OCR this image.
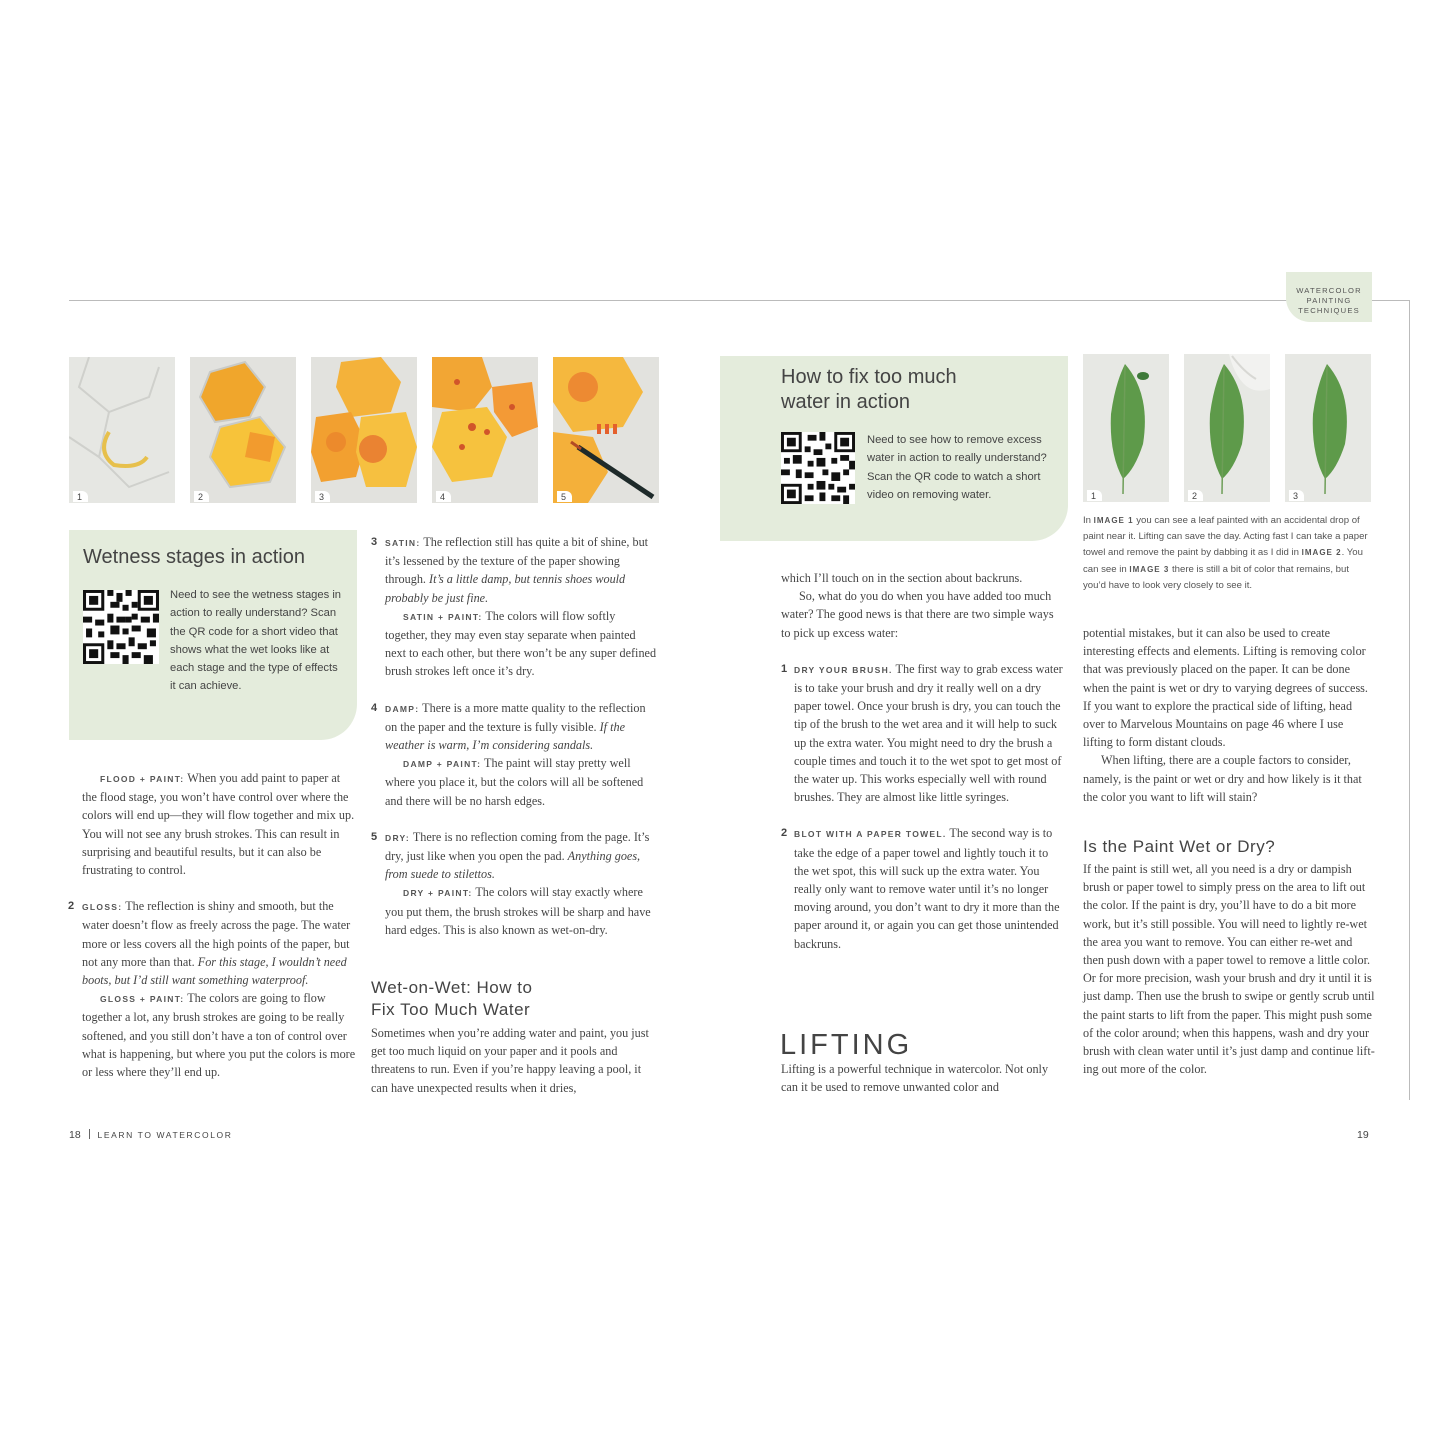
WATERCOLOR
PAINTING
TECHNIQUES
1	2	3	4	5
Wetness stages in action
Need to see the wetness stages in action to really understand? Scan the QR code for a short video that shows what the wet looks like at each stage and the type of effects it can achieve.

FLOOD + PAINT: When you add paint to paper at the flood stage, you won’t have control over where the colors will end up—they will flow together and mix up. You will not see any brush strokes. This can result in surprising and beautiful results, but it can also be frustrating to control.

2 GLOSS: The reflection is shiny and smooth, but the water doesn’t flow as freely across the page. The water more or less covers all the high points of the paper, but not any more than that. For this stage, I wouldn’t need boots, but I’d still want something waterproof.

GLOSS + PAINT: The colors are going to flow together a lot, any brush strokes are going to be really softened, and you still don’t have a ton of control over what is happening, but where you put the colors is more or less where they’ll end up.

3 SATIN: The reflection still has quite a bit of shine, but it’s lessened by the texture of the paper showing through. It’s a little damp, but tennis shoes would probably be just fine.

SATIN + PAINT: The colors will flow softly together, they may even stay separate when painted next to each other, but there won’t be any super defined brush strokes left once it’s dry.

4 DAMP: There is a more matte quality to the reflection on the paper and the texture is fully visible. If the weather is warm, I’m considering sandals.

DAMP + PAINT: The paint will stay pretty well where you place it, but the colors will all be softened and there will be no harsh edges.

5 DRY: There is no reflection coming from the page. It’s dry, just like when you open the pad. Anything goes, from suede to stilettos.

DRY + PAINT: The colors will stay exactly where you put them, the brush strokes will be sharp and have hard edges. This is also known as wet-on-dry.

Wet-on-Wet: How to
Fix Too Much Water
Sometimes when you’re adding water and paint, you just get too much liquid on your paper and it pools and threatens to run. Even if you’re happy leaving a pool, it can have unexpected results when it dries,
How to fix too much
water in action
Need to see how to remove excess water in action to really understand? Scan the QR code to watch a short video on removing water.	1	2	3

which I’ll touch on in the section about backruns.

So, what do you do when you have added too much water? The good news is that there are two simple ways to pick up excess water:

1 DRY YOUR BRUSH. The first way to grab excess water is to take your brush and dry it really well on a dry paper towel. Once your brush is dry, you can touch the tip of the brush to the wet area and it will help to suck up the extra water. You might need to dry the brush a couple times and touch it to the wet spot to get most of the water up. This works especially well with round brushes. They are almost like little syringes.

2 BLOT WITH A PAPER TOWEL. The second way is to take the edge of a paper towel and lightly touch it to the wet spot, this will suck up the extra water. You really only want to remove water until it’s no longer moving around, you don’t want to dry it more than the paper around it, or again you can get those unintended backruns.

LIFTING
Lifting is a powerful technique in watercolor. Not only can it be used to remove unwanted color and
In IMAGE 1 you can see a leaf painted with an accidental drop of paint near it. Lifting can save the day. Acting fast I can take a paper towel and remove the paint by dabbing it as I did in IMAGE 2. You can see in IMAGE 3 there is still a bit of color that remains, but you’d have to look very closely to see it.

potential mistakes, but it can also be used to create interesting effects and elements. Lifting is removing color that was previously placed on the paper. It can be done when the paint is wet or dry to varying degrees of success. If you want to explore the practical side of lifting, head over to Marvelous Mountains on page 46 where I use lifting to form distant clouds.

When lifting, there are a couple factors to consider, namely, is the paint or wet or dry and how likely is it that the color you want to lift will stain?

Is the Paint Wet or Dry?
If the paint is still wet, all you need is a dry or dampish brush or paper towel to simply press on the area to lift out the color. If the paint is dry, you’ll have to do a bit more work, but it’s still possible. You will need to lightly re-wet the area you want to remove. You can either re-wet and then push down with a paper towel to remove a little color. Or for more precision, wash your brush and dry it until it is just damp. Then use the brush to swipe or gently scrub until the paint starts to lift from the paper. This might push some of the color around; when this happens, wash and dry your brush with clean water until it’s just damp and continue lifting out more of the color.
18 LEARN TO WATERCOLOR	19
